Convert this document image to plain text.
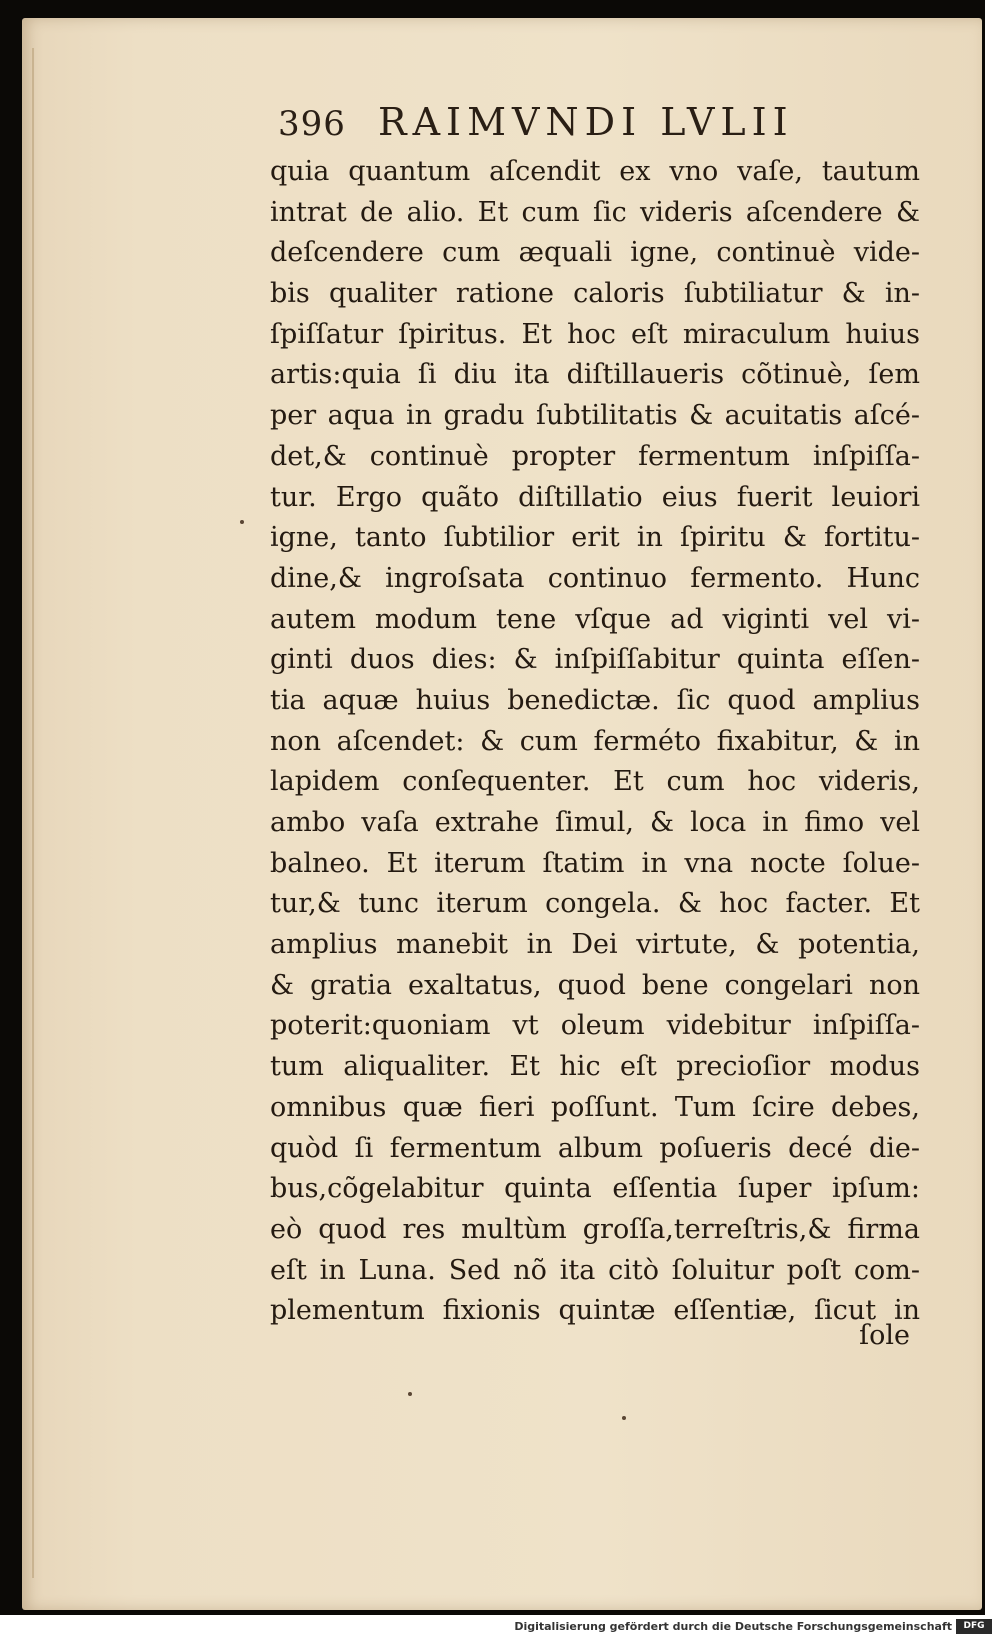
396 RAIMVNDI LVLII
quia quantum aſcendit ex vno vaſe, tautum
intrat de alio. Et cum ſic videris aſcendere &
deſcendere cum æquali igne, continuè vide-
bis qualiter ratione caloris ſubtiliatur & in-
ſpiſſatur ſpiritus. Et hoc eſt miraculum huius
artis:quia ſi diu ita diſtillaueris cõtinuè, ſem
per aqua in gradu ſubtilitatis & acuitatis aſcé-
det,& continuè propter fermentum inſpiſſa-
tur. Ergo quãto diſtillatio eius fuerit leuiori
igne, tanto ſubtilior erit in ſpiritu & fortitu-
dine,& ingroſsata continuo fermento. Hunc
autem modum tene vſque ad viginti vel vi-
ginti duos dies: & inſpiſſabitur quinta eſſen-
tia aquæ huius benedictæ. ſic quod amplius
non aſcendet: & cum ferméto fixabitur, & in
lapidem conſequenter. Et cum hoc videris,
ambo vaſa extrahe ſimul, & loca in fimo vel
balneo. Et iterum ſtatim in vna nocte ſolue-
tur,& tunc iterum congela. & hoc facter. Et
amplius manebit in Dei virtute, & potentia,
& gratia exaltatus, quod bene congelari non
poterit:quoniam vt oleum videbitur inſpiſſa-
tum aliqualiter. Et hic eſt precioſior modus
omnibus quæ fieri poſſunt. Tum ſcire debes,
quòd ſi fermentum album poſueris decé die-
bus,cõgelabitur quinta eſſentia ſuper ipſum:
eò quod res multùm groſſa,terreſtris,& firma
eſt in Luna. Sed nõ ita citò ſoluitur poſt com-
plementum fixionis quintæ eſſentiæ, ſicut in
ſole
Digitalisierung gefördert durch die Deutsche Forschungsgemeinschaft	DFG
